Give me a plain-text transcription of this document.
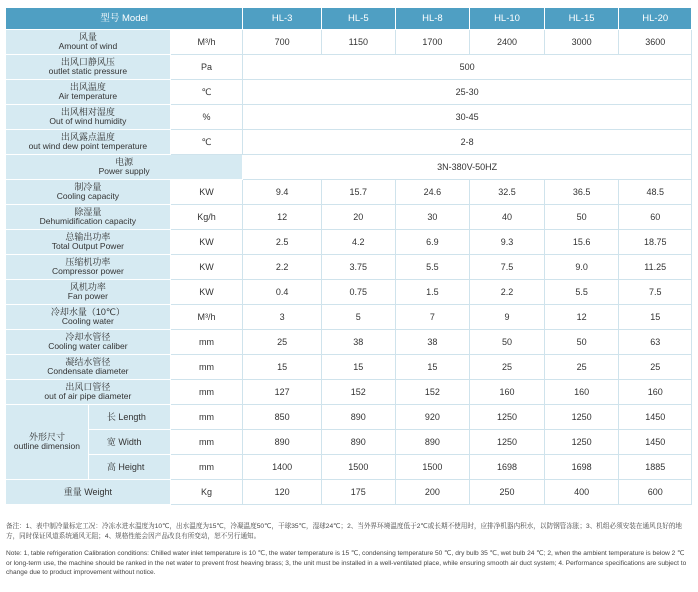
型号 Model			HL-3	HL-5	HL-8	HL-10	HL-15	HL-20

风量
Amount of wind		M³/h	700	1150	1700	2400	3000	3600

出风口静风压
outlet static pressure		Pa	500					

出风温度
Air temperature		℃	25-30					

出风相对湿度
Out of wind humidity		%	30-45					

出风露点温度
out wind dew point temperature		℃	2-8					

电源
Power supply			3N-380V-50HZ					

制冷量
Cooling capacity		KW	9.4	15.7	24.6	32.5	36.5	48.5

除湿量
Dehumidification capacity		Kg/h	12	20	30	40	50	60

总输出功率
Total Output Power		KW	2.5	4.2	6.9	9.3	15.6	18.75

压缩机功率
Compressor power		KW	2.2	3.75	5.5	7.5	9.0	11.25

风机功率
Fan power		KW	0.4	0.75	1.5	2.2	5.5	7.5

冷却水量（10℃）
Cooling water		M³/h	3	5	7	9	12	15

冷却水管径
Cooling water caliber		mm	25	38	38	50	50	63

凝结水管径
Condensate diameter		mm	15	15	15	25	25	25

出风口管径
out of air pipe diameter		mm	127	152	152	160	160	160

外形尺寸
outline dimension	长 Length	mm	850	890	920	1250	1250	1450
	宽 Width	mm	890	890	890	1250	1250	1450
	高 Height	mm	1400	1500	1500	1698	1698	1885
重量 Weight		Kg	120	175	200	250	400	600
备注：1、表中制冷量标定工况：冷冻水进水温度为10℃，出水温度为15℃，冷凝温度50℃，干球35℃，湿球24℃；2、当外界环境温度低于2℃或长期不使用时，应排净机器内积水，以防钢管冻胀；3、机组必须安装在通风良好的地方，同时保证风道系统通风无阻；4、规格性能会因产品改良有所变动，恕不另行通知。
Note: 1, table refrigeration Calibration conditions: Chilled water inlet temperature is 10 ℃, the water temperature is 15 ℃, condensing temperature 50 ℃, dry bulb 35 ℃, wet bulb 24 ℃; 2, when the ambient temperature is below 2 ℃ or long-term use, the machine should be ranked in the net water to prevent frost heaving brass; 3, the unit must be installed in a well-ventilated place, while ensuring smooth air duct system; 4. Performance specifications are subject to change due to product improvement without notice.
